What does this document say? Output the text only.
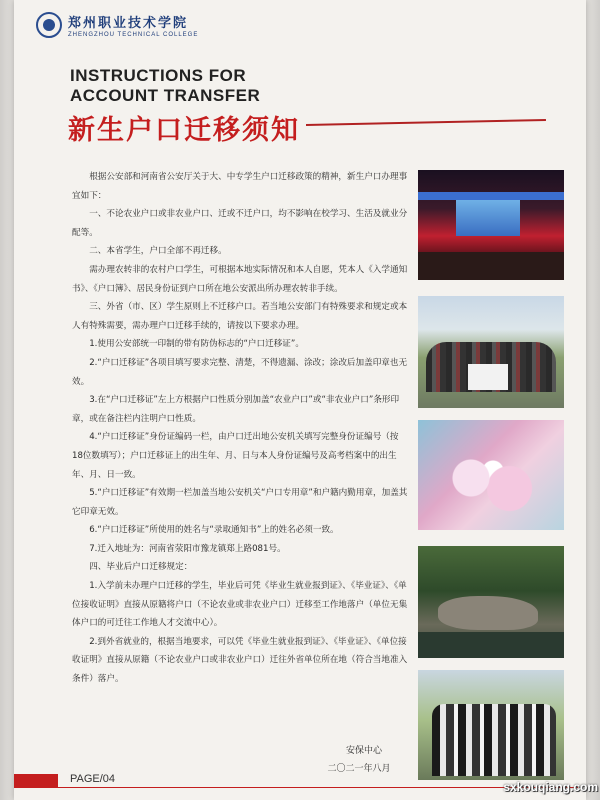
郑州职业技术学院
ZHENGZHOU TECHNICAL COLLEGE
INSTRUCTIONS FOR
ACCOUNT TRANSFER
新生户口迁移须知

根据公安部和河南省公安厅关于大、中专学生户口迁移政策的精神，新生户口办理事宜如下：

一、不论农业户口或非农业户口、迁或不迁户口，均不影响在校学习、生活及就业分配等。

二、本省学生，户口全部不再迁移。

需办理农转非的农村户口学生，可根据本地实际情况和本人自愿，凭本人《入学通知书》、《户口簿》、居民身份证到户口所在地公安派出所办理农转非手续。

三、外省（市、区）学生原则上不迁移户口。若当地公安部门有特殊要求和规定或本人有特殊需要，需办理户口迁移手续的，请按以下要求办理。

1.使用公安部统一印制的带有防伪标志的“户口迁移证”。

2.“户口迁移证”各项目填写要求完整、清楚，不得遗漏、涂改；涂改后加盖印章也无效。

3.在“户口迁移证”左上方根据户口性质分别加盖“农业户口”或“非农业户口”条形印章，或在备注栏内注明户口性质。

4.“户口迁移证”身份证编码一栏，由户口迁出地公安机关填写完整身份证编号（按18位数填写）；户口迁移证上的出生年、月、日与本人身份证编号及高考档案中的出生年、月、日一致。

5.“户口迁移证”有效期一栏加盖当地公安机关“户口专用章”和户籍内勤用章，加盖其它印章无效。

6.“户口迁移证”所使用的姓名与“录取通知书”上的姓名必须一致。

7.迁入地址为：河南省荥阳市豫龙镇郑上路081号。

四、毕业后户口迁移规定：

1.入学前未办理户口迁移的学生，毕业后可凭《毕业生就业报到证》、《毕业证》、《单位接收证明》直接从原籍将户口（不论农业或非农业户口）迁移至工作地落户（单位无集体户口的可迁往工作地人才交流中心）。

2.到外省就业的，根据当地要求，可以凭《毕业生就业报到证》、《毕业证》、《单位接收证明》直接从原籍（不论农业户口或非农业户口）迁往外省单位所在地（符合当地准入条件）落户。

安保中心
二〇二一年八月
PAGE/04
sxkouqiang.com
